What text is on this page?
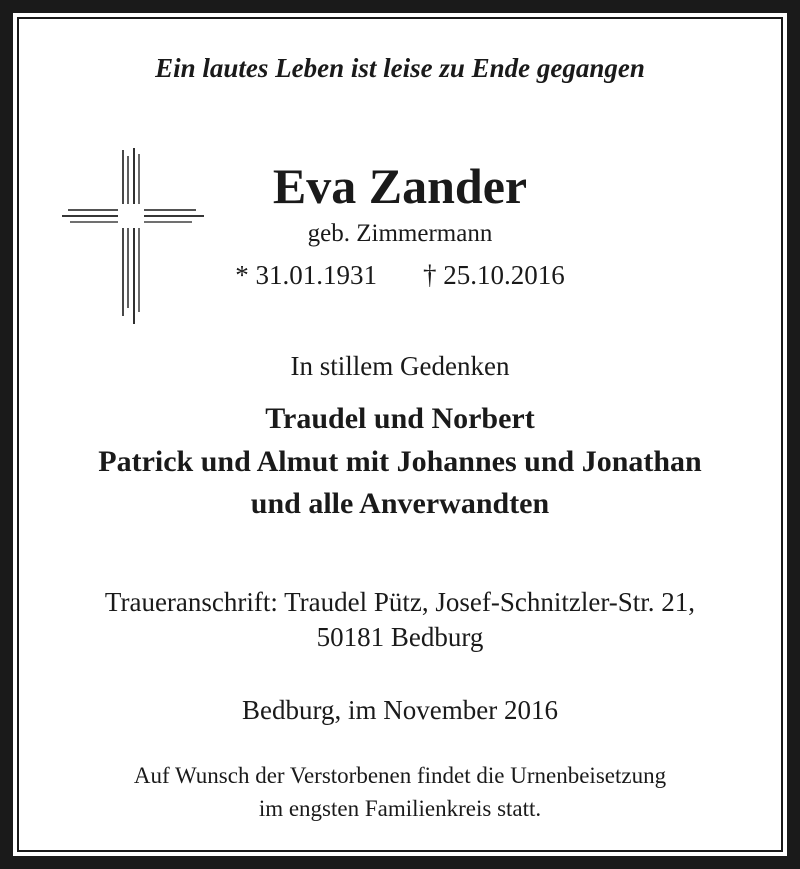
Ein lautes Leben ist leise zu Ende gegangen
Eva Zander
geb. Zimmermann
* 31.01.1931 † 25.10.2016
In stillem Gedenken
Traudel und Norbert
Patrick und Almut mit Johannes und Jonathan
und alle Anverwandten
Traueranschrift: Traudel Pütz, Josef-Schnitzler-Str. 21,
50181 Bedburg
Bedburg, im November 2016
Auf Wunsch der Verstorbenen findet die Urnenbeisetzung
im engsten Familienkreis statt.
